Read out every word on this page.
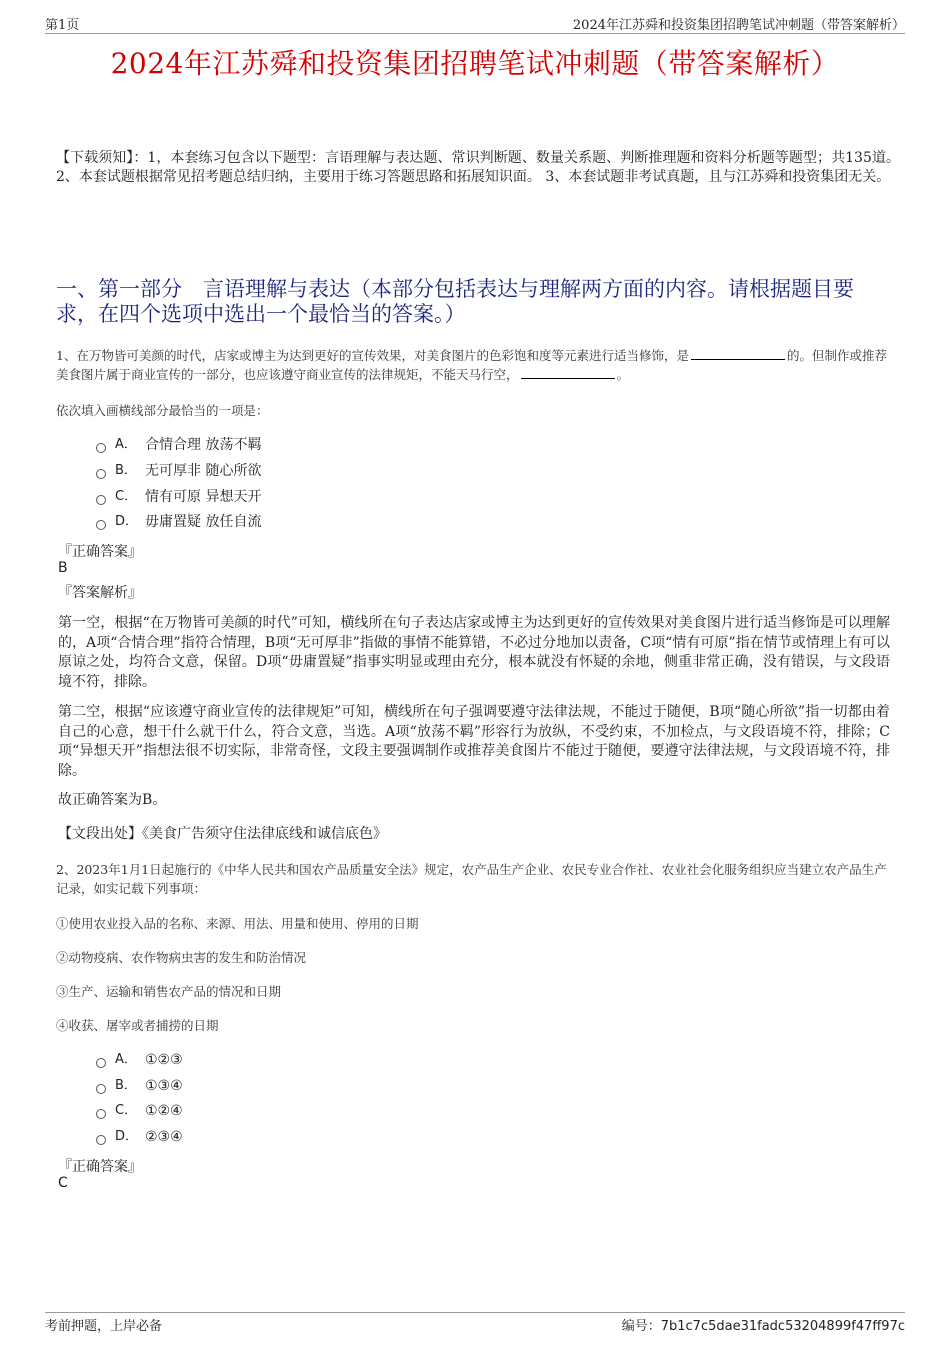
第1页	2024年江苏舜和投资集团招聘笔试冲刺题（带答案解析）
2024年江苏舜和投资集团招聘笔试冲刺题（带答案解析）
【下载须知】：1，本套练习包含以下题型：言语理解与表达题、常识判断题、数量关系题、判断推理题和资料分析题等题型；共135道。 2、本套试题根据常见招考题总结归纳，主要用于练习答题思路和拓展知识面。 3、本套试题非考试真题，且与江苏舜和投资集团无关。
一、第一部分　言语理解与表达（本部分包括表达与理解两方面的内容。请根据题目要求，在四个选项中选出一个最恰当的答案。）
1、在万物皆可美颜的时代，店家或博主为达到更好的宣传效果，对美食图片的色彩饱和度等元素进行适当修饰，是	的。但制作或推荐美食图片属于商业宣传的一部分，也应该遵守商业宣传的法律规矩，不能天马行空，	。
依次填入画横线部分最恰当的一项是：
A． 合情合理 放荡不羁
B． 无可厚非 随心所欲
C． 情有可原 异想天开
D． 毋庸置疑 放任自流
『正确答案』
B
『答案解析』
第一空，根据“在万物皆可美颜的时代”可知，横线所在句子表达店家或博主为达到更好的宣传效果对美食图片进行适当修饰是可以理解的，A项“合情合理”指符合情理，B项“无可厚非”指做的事情不能算错，不必过分地加以责备，C项“情有可原”指在情节或情理上有可以原谅之处，均符合文意，保留。D项“毋庸置疑”指事实明显或理由充分，根本就没有怀疑的余地，侧重非常正确，没有错误，与文段语境不符，排除。
第二空，根据“应该遵守商业宣传的法律规矩”可知，横线所在句子强调要遵守法律法规，不能过于随便，B项“随心所欲”指一切都由着自己的心意，想干什么就干什么，符合文意，当选。A项“放荡不羁”形容行为放纵，不受约束，不加检点，与文段语境不符，排除；C项“异想天开”指想法很不切实际，非常奇怪，文段主要强调制作或推荐美食图片不能过于随便，要遵守法律法规，与文段语境不符，排除。
故正确答案为B。
【文段出处】《美食广告须守住法律底线和诚信底色》
2、2023年1月1日起施行的《中华人民共和国农产品质量安全法》规定，农产品生产企业、农民专业合作社、农业社会化服务组织应当建立农产品生产记录，如实记载下列事项：
①使用农业投入品的名称、来源、用法、用量和使用、停用的日期
②动物疫病、农作物病虫害的发生和防治情况
③生产、运输和销售农产品的情况和日期
④收获、屠宰或者捕捞的日期
A． ①②③
B． ①③④
C． ①②④
D． ②③④
『正确答案』
C
考前押题，上岸必备	编号：7b1c7c5dae31fadc53204899f47ff97c
